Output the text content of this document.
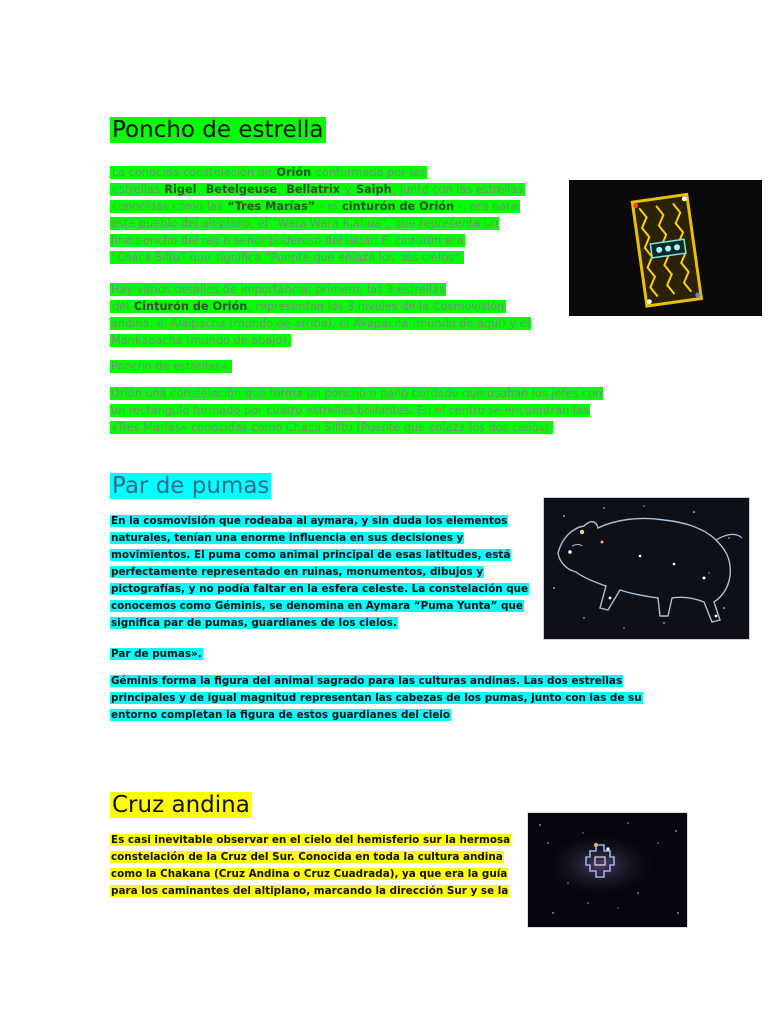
Poncho de estrella
La conocida constelación de Orión conformada por las
estrellas Rigel, Betelgeuse, Bellatrix y Saiph, junto con las estrellas
conocidas como las “Tres Marías” - el cinturón de Orión -, era para
este pueblo del altiplano, el “Wara Wara Kjahua”, que representa un
fino poncho del rey o señor poderoso del lugar. El cinturón era
“Chaca Siltu” que significa “Puente que enlaza los dos cielos”.
Hay varios detalles de importancia: primero, las 3 estrellas
del Cinturón de Orión, representan los 3 niveles de la Cosmovisión
andina, el Alajpacha (mundo de arriba), el Akapacha (mundo de aquí) y el
Mankapacha (mundo de abajo).
Poncho de estrellas».
Orión una constelación que forma un poncho o paño bordado que usaban los jefes con
un rectángulo formado por cuatro estrellas brillantes. En el centro se encuentran las
«Tres Marías» conocidas como Chaca Silltu (Puente que enlaza los dos cielos).
Par de pumas
En la cosmovisión que rodeaba al aymara, y sin duda los elementos
naturales, tenían una enorme influencia en sus decisiones y
movimientos. El puma como animal principal de esas latitudes, está
perfectamente representado en ruinas, monumentos, dibujos y
pictografías, y no podía faltar en la esfera celeste. La constelación que
conocemos como Géminis, se denomina en Aymara “Puma Yunta” que
significa par de pumas, guardianes de los cielos.
Par de pumas».
Géminis forma la figura del animal sagrado para las culturas andinas. Las dos estrellas
principales y de igual magnitud representan las cabezas de los pumas, junto con las de su
entorno completan la figura de estos guardianes del cielo
Cruz andina
Es casi inevitable observar en el cielo del hemisferio sur la hermosa
constelación de la Cruz del Sur. Conocida en toda la cultura andina
como la Chakana (Cruz Andina o Cruz Cuadrada), ya que era la guía
para los caminantes del altiplano, marcando la dirección Sur y se la
